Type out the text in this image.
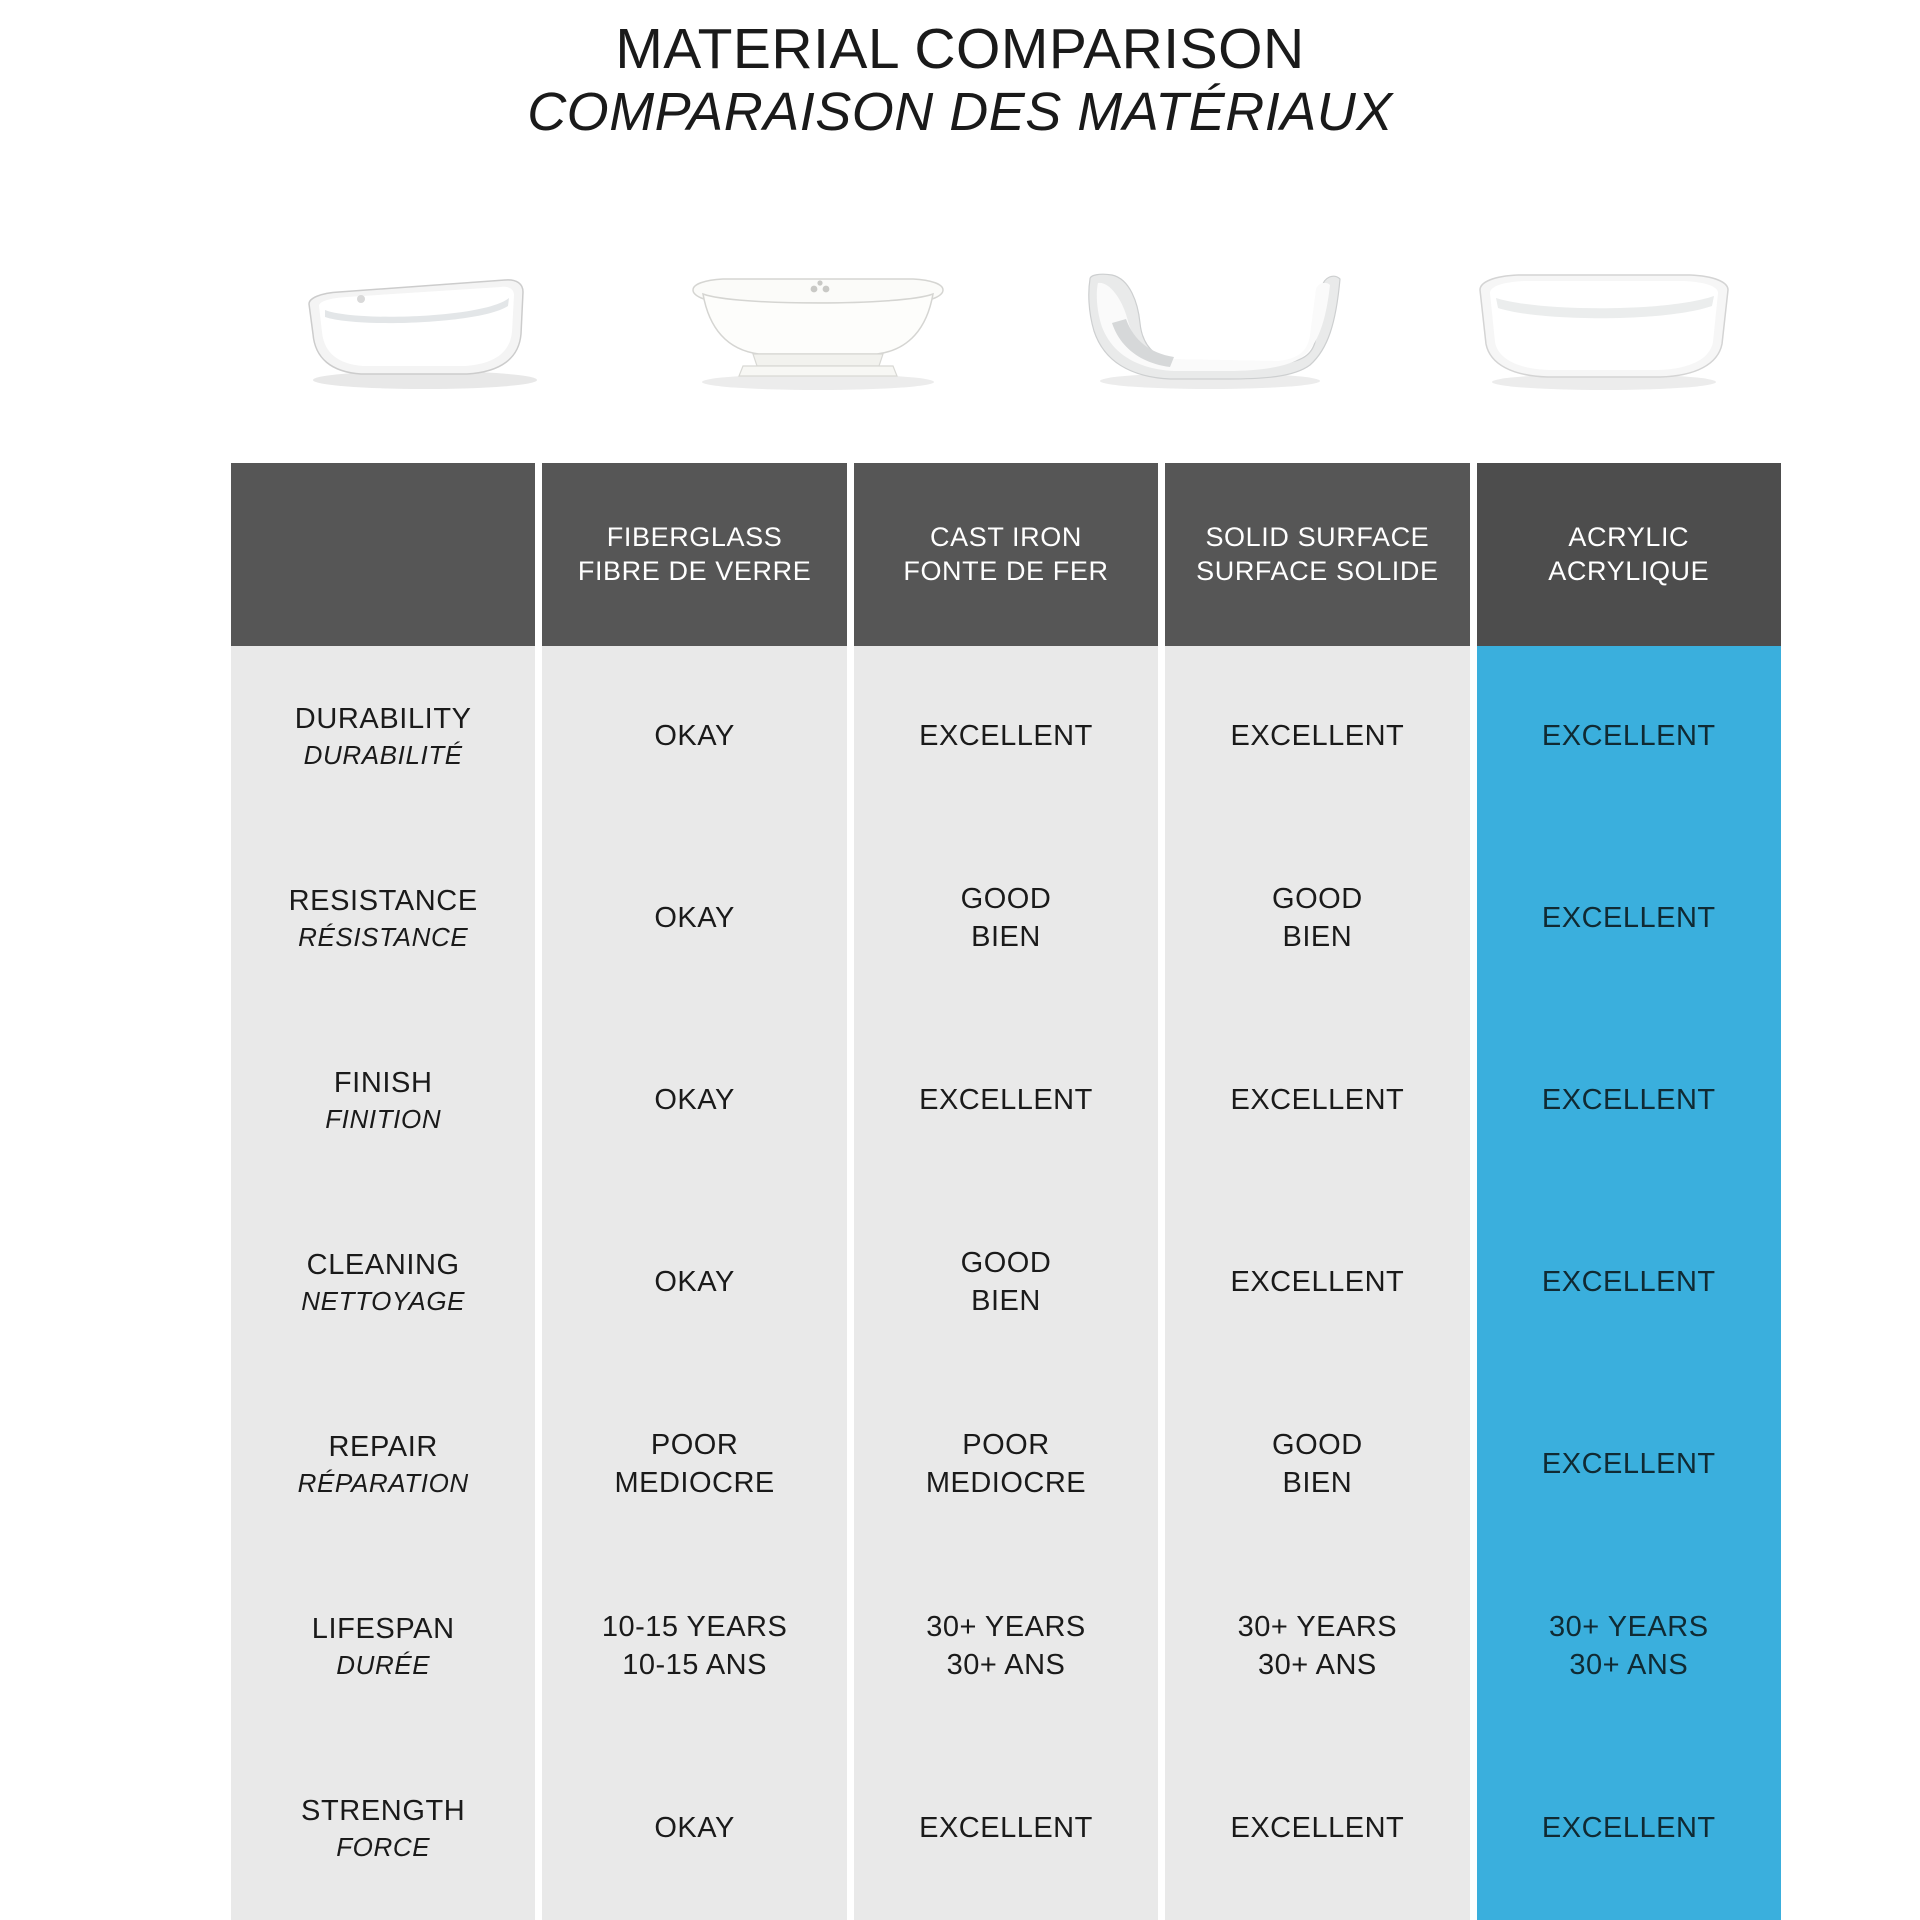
MATERIAL COMPARISON
COMPARAISON DES MATÉRIAUX

	FIBERGLASS
FIBRE DE VERRE	CAST IRON
FONTE DE FER	SOLID SURFACE
SURFACE SOLIDE	ACRYLIC
ACRYLIQUE

DURABILITY
DURABILITÉ	OKAY	EXCELLENT	EXCELLENT	EXCELLENT

RESISTANCE
RÉSISTANCE	OKAY	GOOD
BIEN	GOOD
BIEN	EXCELLENT

FINISH
FINITION	OKAY	EXCELLENT	EXCELLENT	EXCELLENT

CLEANING
NETTOYAGE	OKAY	GOOD
BIEN	EXCELLENT	EXCELLENT

REPAIR
RÉPARATION	POOR
MEDIOCRE	POOR
MEDIOCRE	GOOD
BIEN	EXCELLENT

LIFESPAN
DURÉE	10-15 YEARS
10-15 ANS	30+ YEARS
30+ ANS	30+ YEARS
30+ ANS	30+ YEARS
30+ ANS

STRENGTH
FORCE	OKAY	EXCELLENT	EXCELLENT	EXCELLENT
